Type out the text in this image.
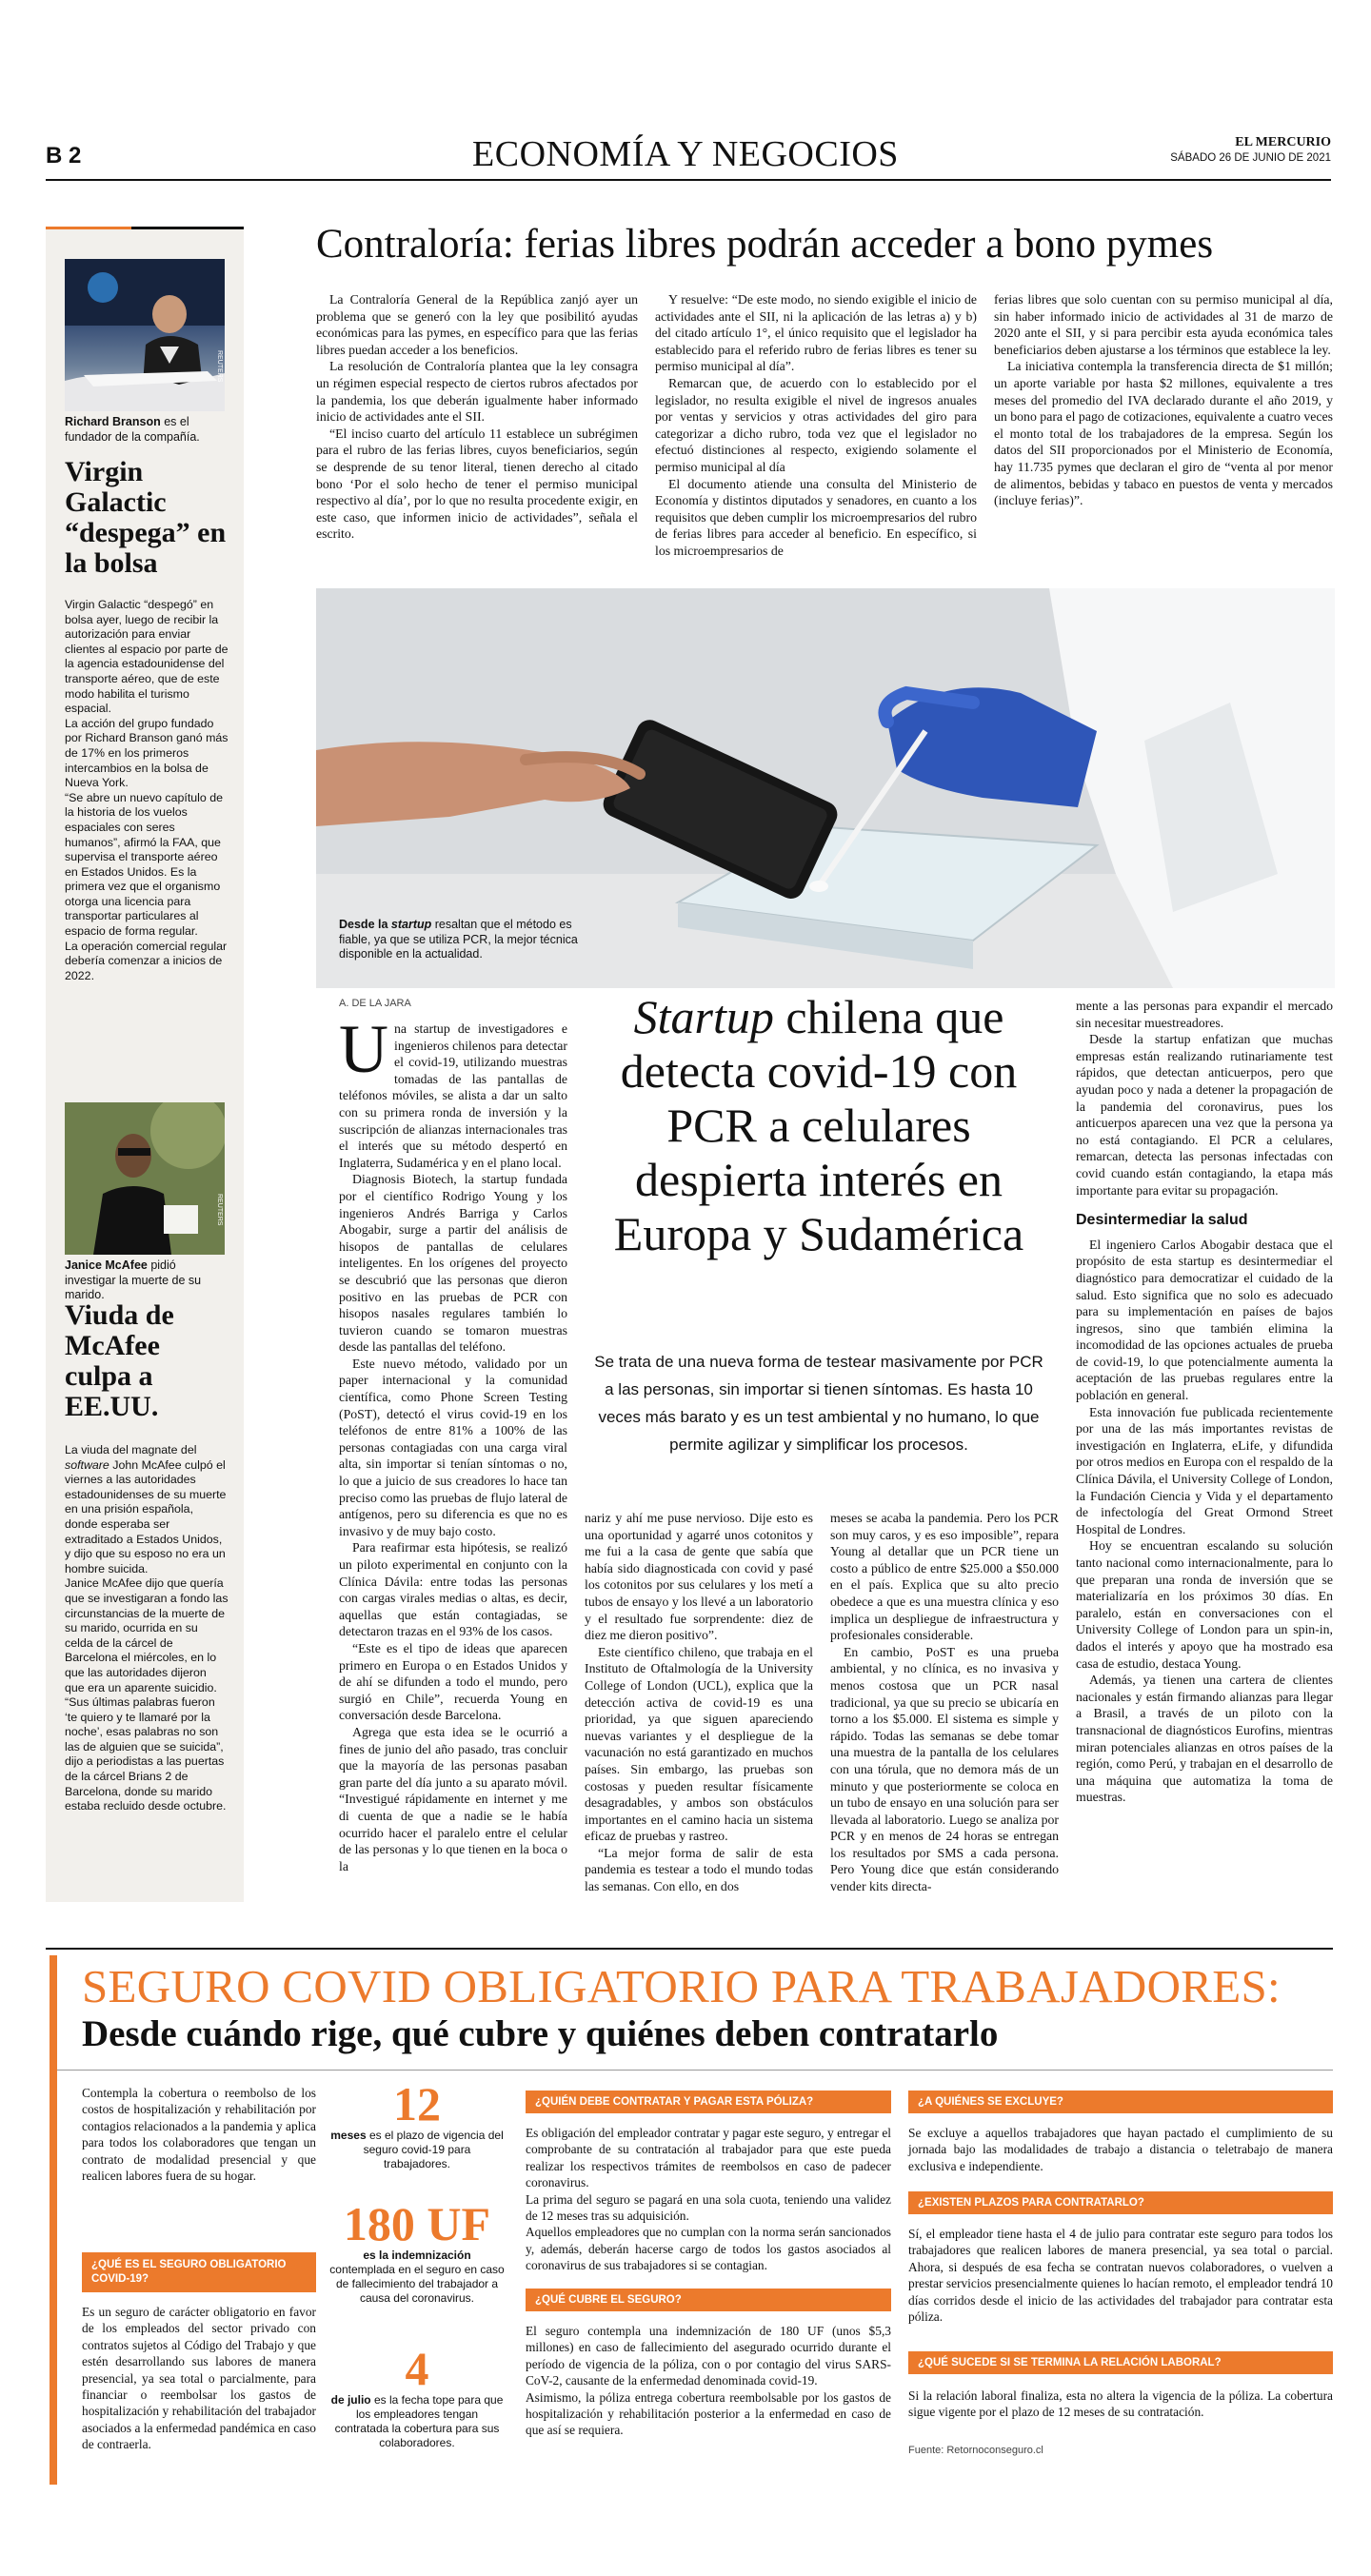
B 2	ECONOMÍA Y NEGOCIOS	EL MERCURIO
SÁBADO 26 DE JUNIO DE 2021
REUTERS
Richard Branson es el fundador de la compañía.
Virgin Galactic “despega” en la bolsa
Virgin Galactic “despegó” en bolsa ayer, luego de recibir la autorización para enviar clientes al espacio por parte de la agencia estadounidense del transporte aéreo, que de este modo habilita el turismo espacial.
La acción del grupo fundado por Richard Branson ganó más de 17% en los primeros intercambios en la bolsa de Nueva York.
“Se abre un nuevo capítulo de la historia de los vuelos espaciales con seres humanos”, afirmó la FAA, que supervisa el transporte aéreo en Estados Unidos. Es la primera vez que el organismo otorga una licencia para transportar particulares al espacio de forma regular.
La operación comercial regular debería comenzar a inicios de 2022.
REUTERS
Janice McAfee pidió investigar la muerte de su marido.
Viuda de McAfee culpa a EE.UU.
La viuda del magnate del software John McAfee culpó el viernes a las autoridades estadounidenses de su muerte en una prisión española, donde esperaba ser extraditado a Estados Unidos, y dijo que su esposo no era un hombre suicida.
Janice McAfee dijo que quería que se investigaran a fondo las circunstancias de la muerte de su marido, ocurrida en su celda de la cárcel de Barcelona el miércoles, en lo que las autoridades dijeron que era un aparente suicidio.
“Sus últimas palabras fueron ‘te quiero y te llamaré por la noche’, esas palabras no son las de alguien que se suicida”, dijo a periodistas a las puertas de la cárcel Brians 2 de Barcelona, donde su marido estaba recluido desde octubre.
Contraloría: ferias libres podrán acceder a bono pymes

La Contraloría General de la República zanjó ayer un problema que se generó con la ley que posibilitó ayudas económicas para las pymes, en específico para que las ferias libres puedan acceder a los beneficios.

La resolución de Contraloría plantea que la ley consagra un régimen especial respecto de ciertos rubros afectados por la pandemia, los que deberán igualmente haber informado inicio de actividades ante el SII.

“El inciso cuarto del artículo 11 establece un subrégimen para el rubro de las ferias libres, cuyos beneficiarios, según se desprende de su tenor literal, tienen derecho al citado bono ‘Por el solo hecho de tener el permiso municipal respectivo al día’, por lo que no resulta procedente exigir, en este caso, que informen inicio de actividades”, señala el escrito.

Y resuelve: “De este modo, no siendo exigible el inicio de actividades ante el SII, ni la aplicación de las letras a) y b) del citado artículo 1°, el único requisito que el legislador ha establecido para el referido rubro de ferias libres es tener su permiso municipal al día”.

Remarcan que, de acuerdo con lo establecido por el legislador, no resulta exigible el nivel de ingresos anuales por ventas y servicios y otras actividades del giro para categorizar a dicho rubro, toda vez que el legislador no efectuó distinciones al respecto, exigiendo solamente el permiso municipal al día

El documento atiende una consulta del Ministerio de Economía y distintos diputados y senadores, en cuanto a los requisitos que deben cumplir los microempresarios del rubro de ferias libres para acceder al beneficio. En específico, si los microempresarios de

ferias libres que solo cuentan con su permiso municipal al día, sin haber informado inicio de actividades al 31 de marzo de 2020 ante el SII, y si para percibir esta ayuda económica tales beneficiarios deben ajustarse a los términos que establece la ley.

La iniciativa contempla la transferencia directa de $1 millón; un aporte variable por hasta $2 millones, equivalente a tres meses del promedio del IVA declarado durante el año 2019, y un bono para el pago de cotizaciones, equivalente a cuatro veces el monto total de los trabajadores de la empresa. Según los datos del SII proporcionados por el Ministerio de Economía, hay 11.735 pymes que declaran el giro de “venta al por menor de alimentos, bebidas y tabaco en puestos de venta y mercados (incluye ferias)”.

Desde la startup resaltan que el método es fiable, ya que se utiliza PCR, la mejor técnica disponible en la actualidad.
A. DE LA JARA	Startup chilena que detecta covid-19 con PCR a celulares despierta interés en Europa y Sudamérica
Se trata de una nueva forma de testear masivamente por PCR a las personas, sin importar si tienen síntomas. Es hasta 10 veces más barato y es un test ambiental y no humano, lo que permite agilizar y simplificar los procesos.
U na startup de investigadores e ingenieros chilenos para detectar el covid-19, utilizando muestras tomadas de las pantallas de teléfonos móviles, se alista a dar un salto con su primera ronda de inversión y la suscripción de alianzas internacionales tras el interés que su método despertó en Inglaterra, Sudamérica y en el plano local.

Diagnosis Biotech, la startup fundada por el científico Rodrigo Young y los ingenieros Andrés Barriga y Carlos Abogabir, surge a partir del análisis de hisopos de pantallas de celulares inteligentes. En los orígenes del proyecto se descubrió que las personas que dieron positivo en las pruebas de PCR con hisopos nasales regulares también lo tuvieron cuando se tomaron muestras desde las pantallas del teléfono.

Este nuevo método, validado por un paper internacional y la comunidad científica, como Phone Screen Testing (PoST), detectó el virus covid-19 en los teléfonos de entre 81% a 100% de las personas contagiadas con una carga viral alta, sin importar si tenían síntomas o no, lo que a juicio de sus creadores lo hace tan preciso como las pruebas de flujo lateral de antígenos, pero su diferencia es que no es invasivo y de muy bajo costo.

Para reafirmar esta hipótesis, se realizó un piloto experimental en conjunto con la Clínica Dávila: entre todas las personas con cargas virales medias o altas, es decir, aquellas que están contagiadas, se detectaron trazas en el 93% de los casos.

“Este es el tipo de ideas que aparecen primero en Europa o en Estados Unidos y de ahí se difunden a todo el mundo, pero surgió en Chile”, recuerda Young en conversación desde Barcelona.

Agrega que esta idea se le ocurrió a fines de junio del año pasado, tras concluir que la mayoría de las personas pasaban gran parte del día junto a su aparato móvil. “Investigué rápidamente en internet y me di cuenta de que a nadie se le había ocurrido hacer el paralelo entre el celular de las personas y lo que tienen en la boca o la

nariz y ahí me puse nervioso. Dije esto es una oportunidad y agarré unos cotonitos y me fui a la casa de gente que sabía que había sido diagnosticada con covid y pasé los cotonitos por sus celulares y los metí a tubos de ensayo y los llevé a un laboratorio y el resultado fue sorprendente: diez de diez me dieron positivo”.

Este científico chileno, que trabaja en el Instituto de Oftalmología de la University College of London (UCL), explica que la detección activa de covid-19 es una prioridad, ya que siguen apareciendo nuevas variantes y el despliegue de la vacunación no está garantizado en muchos países. Sin embargo, las pruebas son costosas y pueden resultar físicamente desagradables, y ambos son obstáculos importantes en el camino hacia un sistema eficaz de pruebas y rastreo.

“La mejor forma de salir de esta pandemia es testear a todo el mundo todas las semanas. Con ello, en dos

meses se acaba la pandemia. Pero los PCR son muy caros, y es eso imposible”, repara Young al detallar que un PCR tiene un costo a público de entre $25.000 a $50.000 en el país. Explica que su alto precio obedece a que es una muestra clínica y eso implica un despliegue de infraestructura y profesionales considerable.

En cambio, PoST es una prueba ambiental, y no clínica, es no invasiva y menos costosa que un PCR nasal tradicional, ya que su precio se ubicaría en torno a los $5.000. El sistema es simple y rápido. Todas las semanas se debe tomar una muestra de la pantalla de los celulares con una tórula, que no demora más de un minuto y que posteriormente se coloca en un tubo de ensayo en una solución para ser llevada al laboratorio. Luego se analiza por PCR y en menos de 24 horas se entregan los resultados por SMS a cada persona. Pero Young dice que están considerando vender kits directa-

mente a las personas para expandir el mercado sin necesitar muestreadores.

Desde la startup enfatizan que muchas empresas están realizando rutinariamente test rápidos, que detectan anticuerpos, pero que ayudan poco y nada a detener la propagación de la pandemia del coronavirus, pues los anticuerpos aparecen una vez que la persona ya no está contagiando. El PCR a celulares, remarcan, detecta las personas infectadas con covid cuando están contagiando, la etapa más importante para evitar su propagación.

Desintermediar la salud

El ingeniero Carlos Abogabir destaca que el propósito de esta startup es desintermediar el diagnóstico para democratizar el cuidado de la salud. Esto significa que no solo es adecuado para su implementación en países de bajos ingresos, sino que también elimina la incomodidad de las opciones actuales de prueba de covid-19, lo que potencialmente aumenta la aceptación de las pruebas regulares entre la población en general.

Esta innovación fue publicada recientemente por una de las más importantes revistas de investigación en Inglaterra, eLife, y difundida por otros medios en Europa con el respaldo de la Clínica Dávila, el University College of London, la Fundación Ciencia y Vida y el departamento de infectología del Great Ormond Street Hospital de Londres.

Hoy se encuentran escalando su solución tanto nacional como internacionalmente, para lo que preparan una ronda de inversión que se materializaría en los próximos 30 días. En paralelo, están en conversaciones con el University College of London para un spin-in, dados el interés y apoyo que ha mostrado esa casa de estudio, destaca Young.

Además, ya tienen una cartera de clientes nacionales y están firmando alianzas para llegar a Brasil, a través de un piloto con la transnacional de diagnósticos Eurofins, mientras miran potenciales alianzas en otros países de la región, como Perú, y trabajan en el desarrollo de una máquina que automatiza la toma de muestras.

SEGURO COVID OBLIGATORIO PARA TRABAJADORES:
Desde cuándo rige, qué cubre y quiénes deben contratarlo
Contempla la cobertura o reembolso de los costos de hospitalización y rehabilitación por contagios relacionados a la pandemia y aplica para todos los colaboradores que tengan un contrato de modalidad presencial y que realicen labores fuera de su hogar.
¿QUÉ ES EL SEGURO OBLIGATORIO COVID-19?
Es un seguro de carácter obligatorio en favor de los empleados del sector privado con contratos sujetos al Código del Trabajo y que estén desarrollando sus labores de manera presencial, ya sea total o parcialmente, para financiar o reembolsar los gastos de hospitalización y rehabilitación del trabajador asociados a la enfermedad pandémica en caso de contraerla.
12
meses es el plazo de vigencia del seguro covid-19 para trabajadores.
180 UF
es la indemnización contemplada en el seguro en caso de fallecimiento del trabajador a causa del coronavirus.
4
de julio es la fecha tope para que los empleadores tengan contratada la cobertura para sus colaboradores.
¿QUIÉN DEBE CONTRATAR Y PAGAR ESTA PÓLIZA?
Es obligación del empleador contratar y pagar este seguro, y entregar el comprobante de su contratación al trabajador para que este pueda realizar los respectivos trámites de reembolsos en caso de padecer coronavirus.
La prima del seguro se pagará en una sola cuota, teniendo una validez de 12 meses tras su adquisición.
Aquellos empleadores que no cumplan con la norma serán sancionados y, además, deberán hacerse cargo de todos los gastos asociados al coronavirus de sus trabajadores si se contagian.
¿QUÉ CUBRE EL SEGURO?
El seguro contempla una indemnización de 180 UF (unos $5,3 millones) en caso de fallecimiento del asegurado ocurrido durante el período de vigencia de la póliza, con o por contagio del virus SARS-CoV-2, causante de la enfermedad denominada covid-19.
Asimismo, la póliza entrega cobertura reembolsable por los gastos de hospitalización y rehabilitación posterior a la enfermedad en caso de que así se requiera.
¿A QUIÉNES SE EXCLUYE?
Se excluye a aquellos trabajadores que hayan pactado el cumplimiento de su jornada bajo las modalidades de trabajo a distancia o teletrabajo de manera exclusiva e independiente.
¿EXISTEN PLAZOS PARA CONTRATARLO?
Sí, el empleador tiene hasta el 4 de julio para contratar este seguro para todos los trabajadores que realicen labores de manera presencial, ya sea total o parcial. Ahora, si después de esa fecha se contratan nuevos colaboradores, o vuelven a prestar servicios presencialmente quienes lo hacían remoto, el empleador tendrá 10 días corridos desde el inicio de las actividades del trabajador para contratar esta póliza.
¿QUÉ SUCEDE SI SE TERMINA LA RELACIÓN LABORAL?
Si la relación laboral finaliza, esta no altera la vigencia de la póliza. La cobertura sigue vigente por el plazo de 12 meses de su contratación.
Fuente: Retornoconseguro.cl
